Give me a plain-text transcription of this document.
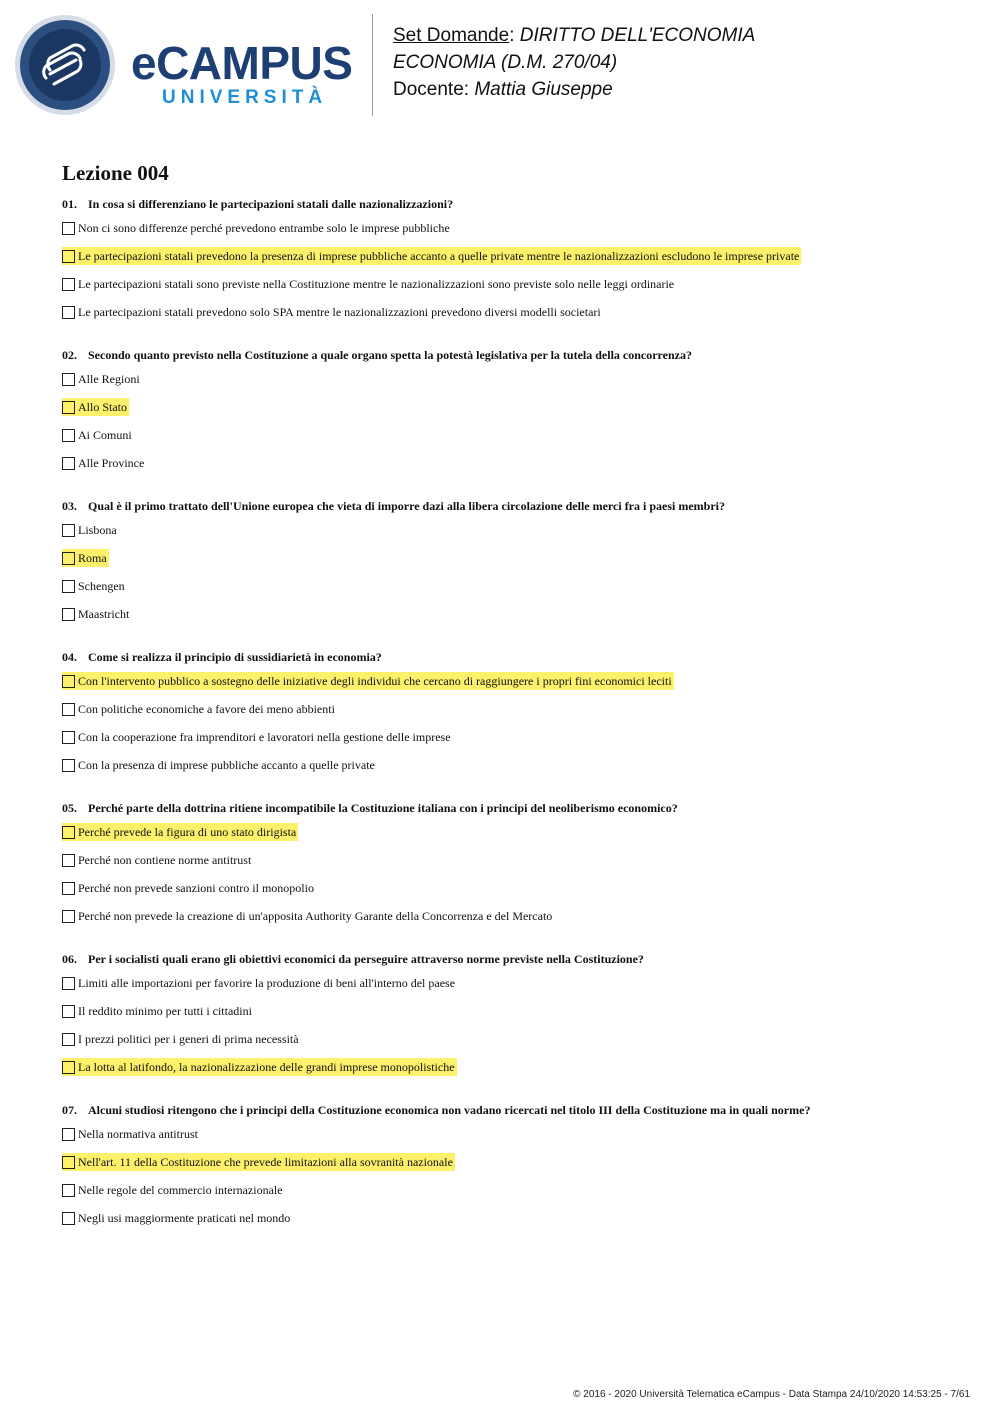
eCAMPUS
UNIVERSITÀ
Set Domande: DIRITTO DELL'ECONOMIA
ECONOMIA (D.M. 270/04)
Docente: Mattia Giuseppe
Lezione 004
01. In cosa si differenziano le partecipazioni statali dalle nazionalizzazioni?
Non ci sono differenze perché prevedono entrambe solo le imprese pubbliche
Le partecipazioni statali prevedono la presenza di imprese pubbliche accanto a quelle private mentre le nazionalizzazioni escludono le imprese private
Le partecipazioni statali sono previste nella Costituzione mentre le nazionalizzazioni sono previste solo nelle leggi ordinarie
Le partecipazioni statali prevedono solo SPA mentre le nazionalizzazioni prevedono diversi modelli societari
02. Secondo quanto previsto nella Costituzione a quale organo spetta la potestà legislativa per la tutela della concorrenza?
Alle Regioni
Allo Stato
Ai Comuni
Alle Province
03. Qual è il primo trattato dell'Unione europea che vieta di imporre dazi alla libera circolazione delle merci fra i paesi membri?
Lisbona
Roma
Schengen
Maastricht
04. Come si realizza il principio di sussidiarietà in economia?
Con l'intervento pubblico a sostegno delle iniziative degli individui che cercano di raggiungere i propri fini economici leciti
Con politiche economiche a favore dei meno abbienti
Con la cooperazione fra imprenditori e lavoratori nella gestione delle imprese
Con la presenza di imprese pubbliche accanto a quelle private
05. Perché parte della dottrina ritiene incompatibile la Costituzione italiana con i principi del neoliberismo economico?
Perché prevede la figura di uno stato dirigista
Perché non contiene norme antitrust
Perché non prevede sanzioni contro il monopolio
Perché non prevede la creazione di un'apposita Authority Garante della Concorrenza e del Mercato
06. Per i socialisti quali erano gli obiettivi economici da perseguire attraverso norme previste nella Costituzione?
Limiti alle importazioni per favorire la produzione di beni all'interno del paese
Il reddito minimo per tutti i cittadini
I prezzi politici per i generi di prima necessità
La lotta al latifondo, la nazionalizzazione delle grandi imprese monopolistiche
07. Alcuni studiosi ritengono che i principi della Costituzione economica non vadano ricercati nel titolo III della Costituzione ma in quali norme?
Nella normativa antitrust
Nell'art. 11 della Costituzione che prevede limitazioni alla sovranità nazionale
Nelle regole del commercio internazionale
Negli usi maggiormente praticati nel mondo
© 2016 - 2020 Università Telematica eCampus - Data Stampa 24/10/2020 14:53:25 - 7/61
